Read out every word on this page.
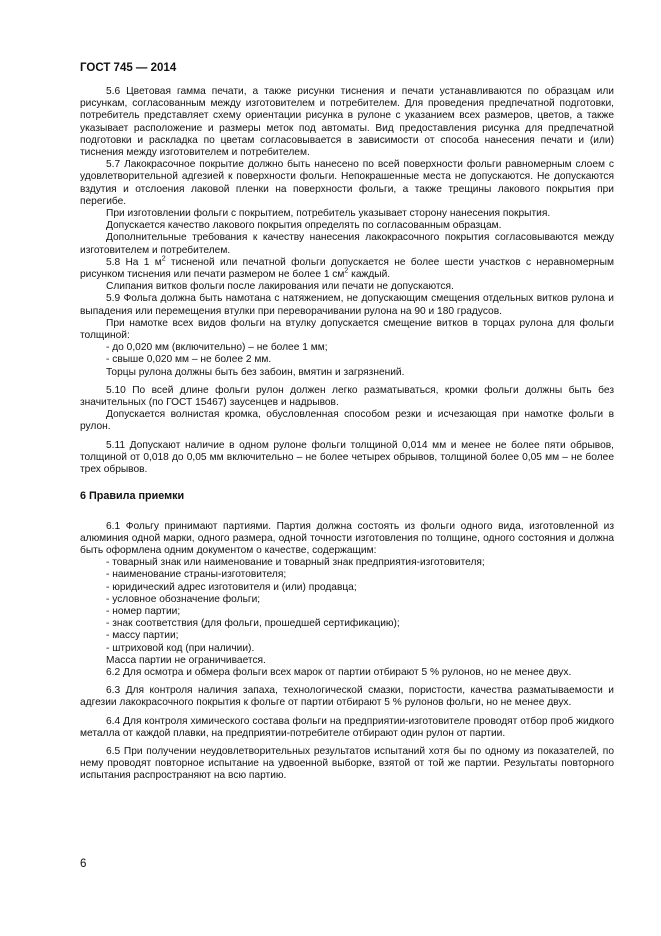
ГОСТ 745 — 2014

5.6 Цветовая гамма печати, а также рисунки тиснения и печати устанавливаются по образцам или рисункам, согласованным между изготовителем и потребителем. Для проведения предпечатной подготовки, потребитель представляет схему ориентации рисунка в рулоне с указанием всех размеров, цветов, а также указывает расположение и размеры меток под автоматы. Вид предоставления рисунка для предпечатной подготовки и раскладка по цветам согласовывается в зависимости от способа нанесения печати и (или) тиснения между изготовителем и потребителем.

5.7 Лакокрасочное покрытие должно быть нанесено по всей поверхности фольги равномерным слоем с удовлетворительной адгезией к поверхности фольги. Непокрашенные места не допускаются. Не допускаются вздутия и отслоения лаковой пленки на поверхности фольги, а также трещины лакового покрытия при перегибе.

При изготовлении фольги с покрытием, потребитель указывает сторону нанесения покрытия.

Допускается качество лакового покрытия определять по согласованным образцам.

Дополнительные требования к качеству нанесения лакокрасочного покрытия согласовываются между изготовителем и потребителем.

5.8 На 1 $м^2$ тисненой или печатной фольги допускается не более шести участков с неравномерным рисунком тиснения или печати размером не более 1 $см^2$ каждый.

Слипания витков фольги после лакирования или печати не допускаются.

5.9 Фольга должна быть намотана с натяжением, не допускающим смещения отдельных витков рулона и выпадения или перемещения втулки при переворачивании рулона на 90 и 180 градусов.

При намотке всех видов фольги на втулку допускается смещение витков в торцах рулона для фольги толщиной:

- до 0,020 мм (включительно) – не более 1 мм;

- свыше 0,020 мм – не более 2 мм.

Торцы рулона должны быть без забоин, вмятин и загрязнений.

5.10 По всей длине фольги рулон должен легко разматываться, кромки фольги должны быть без значительных (по ГОСТ 15467) заусенцев и надрывов.

Допускается волнистая кромка, обусловленная способом резки и исчезающая при намотке фольги в рулон.

5.11 Допускают наличие в одном рулоне фольги толщиной 0,014 мм и менее не более пяти обрывов, толщиной от 0,018 до 0,05 мм включительно – не более четырех обрывов, толщиной более 0,05 мм – не более трех обрывов.

6 Правила приемки

6.1 Фольгу принимают партиями. Партия должна состоять из фольги одного вида, изготовленной из алюминия одной марки, одного размера, одной точности изготовления по толщине, одного состояния и должна быть оформлена одним документом о качестве, содержащим:

- товарный знак или наименование и товарный знак предприятия-изготовителя;

- наименование страны-изготовителя;

- юридический адрес изготовителя и (или) продавца;

- условное обозначение фольги;

- номер партии;

- знак соответствия (для фольги, прошедшей сертификацию);

- массу партии;

- штриховой код (при наличии).

Масса партии не ограничивается.

6.2 Для осмотра и обмера фольги всех марок от партии отбирают 5 % рулонов, но не менее двух.

6.3 Для контроля наличия запаха, технологической смазки, пористости, качества разматываемости и адгезии лакокрасочного покрытия к фольге от партии отбирают 5 % рулонов фольги, но не менее двух.

6.4 Для контроля химического состава фольги на предприятии-изготовителе проводят отбор проб жидкого металла от каждой плавки, на предприятии-потребителе отбирают один рулон от партии.

6.5 При получении неудовлетворительных результатов испытаний хотя бы по одному из показателей, по нему проводят повторное испытание на удвоенной выборке, взятой от той же партии. Результаты повторного испытания распространяют на всю партию.

6
